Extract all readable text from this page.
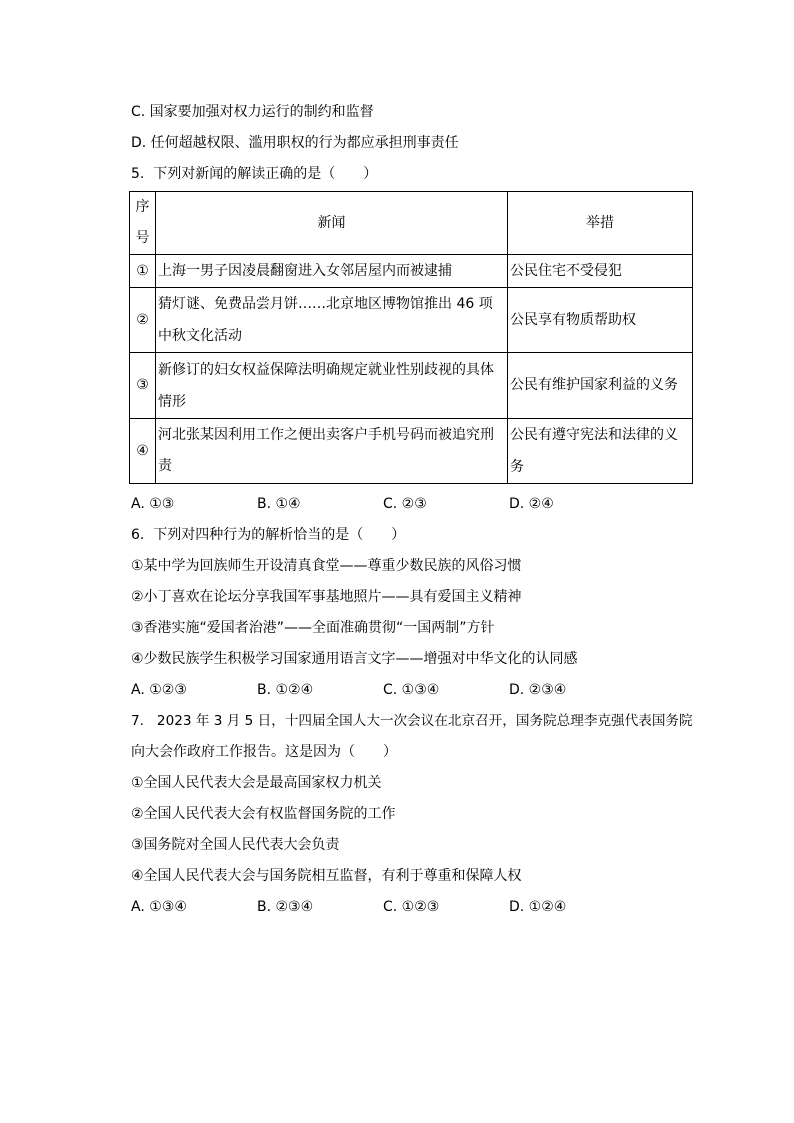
C. 国家要加强对权力运行的制约和监督
D. 任何超越权限、滥用职权的行为都应承担刑事责任
5.  下列对新闻的解读正确的是（　　）
序号	新闻	举措
①	上海一男子因凌晨翻窗进入女邻居屋内而被逮捕	公民住宅不受侵犯
②	猜灯谜、免费品尝月饼……北京地区博物馆推出 46 项中秋文化活动	公民享有物质帮助权
③	新修订的妇女权益保障法明确规定就业性别歧视的具体情形	公民有维护国家利益的义务
④	河北张某因利用工作之便出卖客户手机号码而被追究刑责	公民有遵守宪法和法律的义务
A. ①③	B. ①④	C. ②③	D. ②④
6.  下列对四种行为的解析恰当的是（　　）
①某中学为回族师生开设清真食堂——尊重少数民族的风俗习惯
②小丁喜欢在论坛分享我国军事基地照片——具有爱国主义精神
③香港实施“爱国者治港”——全面准确贯彻“一国两制”方针
④少数民族学生积极学习国家通用语言文字——增强对中华文化的认同感
A. ①②③	B. ①②④	C. ①③④	D. ②③④
7.   2023 年 3 月 5 日，十四届全国人大一次会议在北京召开，国务院总理李克强代表国务院
向大会作政府工作报告。这是因为（　　）
①全国人民代表大会是最高国家权力机关
②全国人民代表大会有权监督国务院的工作
③国务院对全国人民代表大会负责
④全国人民代表大会与国务院相互监督，有利于尊重和保障人权
A. ①③④	B. ②③④	C. ①②③	D. ①②④
